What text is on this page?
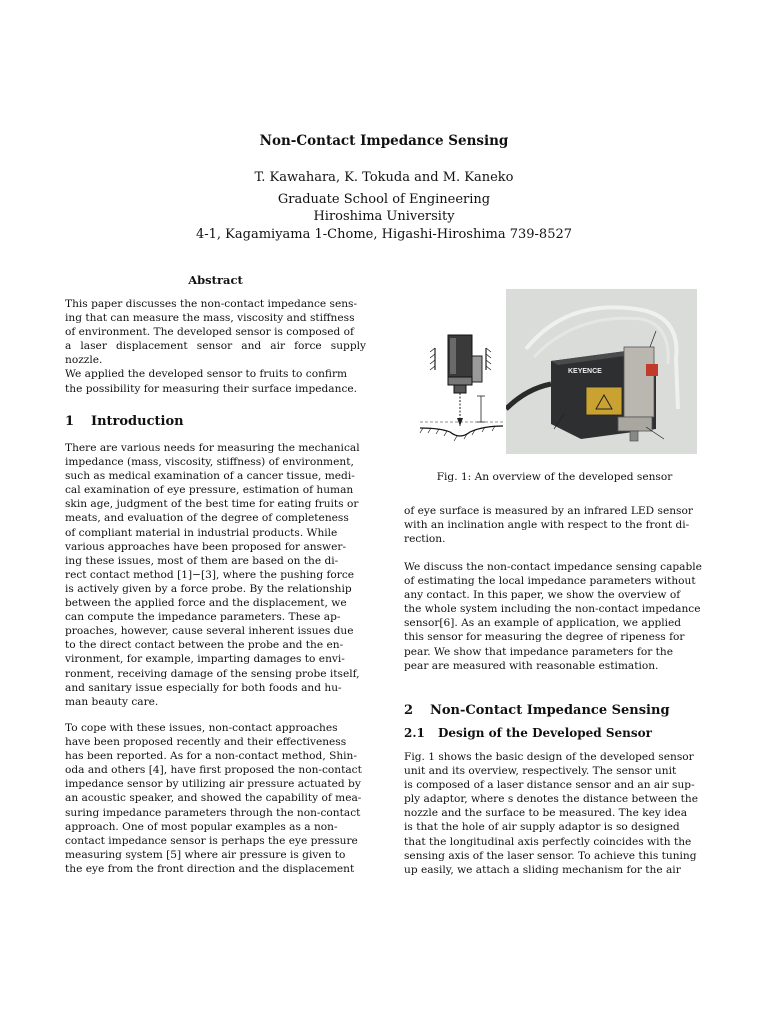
Non-Contact Impedance Sensing
T. Kawahara, K. Tokuda and M. Kaneko
Graduate School of Engineering
Hiroshima University
4-1, Kagamiyama 1-Chome, Higashi-Hiroshima 739-8527
Abstract

This paper discusses the non-contact impedance sens-

ing that can measure the mass, viscosity and stiffness

of environment. The developed sensor is composed of

a laser displacement sensor and air force supply nozzle.

We applied the developed sensor to fruits to confirm

the possibility for measuring their surface impedance.

1 Introduction

There are various needs for measuring the mechanical

impedance (mass, viscosity, stiffness) of environment,

such as medical examination of a cancer tissue, medi-

cal examination of eye pressure, estimation of human

skin age, judgment of the best time for eating fruits or

meats, and evaluation of the degree of completeness

of compliant material in industrial products. While

various approaches have been proposed for answer-

ing these issues, most of them are based on the di-

rect contact method [1]−[3], where the pushing force

is actively given by a force probe. By the relationship

between the applied force and the displacement, we

can compute the impedance parameters. These ap-

proaches, however, cause several inherent issues due

to the direct contact between the probe and the en-

vironment, for example, imparting damages to envi-

ronment, receiving damage of the sensing probe itself,

and sanitary issue especially for both foods and hu-

man beauty care.

To cope with these issues, non-contact approaches

have been proposed recently and their effectiveness

has been reported. As for a non-contact method, Shin-

oda and others [4], have first proposed the non-contact

impedance sensor by utilizing air pressure actuated by

an acoustic speaker, and showed the capability of mea-

suring impedance parameters through the non-contact

approach. One of most popular examples as a non-

contact impedance sensor is perhaps the eye pressure

measuring system [5] where air pressure is given to

the eye from the front direction and the displacement

KEYENCE
Fig. 1: An overview of the developed sensor

of eye surface is measured by an infrared LED sensor

with an inclination angle with respect to the front di-

rection.

We discuss the non-contact impedance sensing capable

of estimating the local impedance parameters without

any contact. In this paper, we show the overview of

the whole system including the non-contact impedance

sensor[6]. As an example of application, we applied

this sensor for measuring the degree of ripeness for

pear. We show that impedance parameters for the

pear are measured with reasonable estimation.

2 Non-Contact Impedance Sensing
2.1 Design of the Developed Sensor

Fig. 1 shows the basic design of the developed sensor

unit and its overview, respectively. The sensor unit

is composed of a laser distance sensor and an air sup-

ply adaptor, where s denotes the distance between the

nozzle and the surface to be measured. The key idea

is that the hole of air supply adaptor is so designed

that the longitudinal axis perfectly coincides with the

sensing axis of the laser sensor. To achieve this tuning

up easily, we attach a sliding mechanism for the air
